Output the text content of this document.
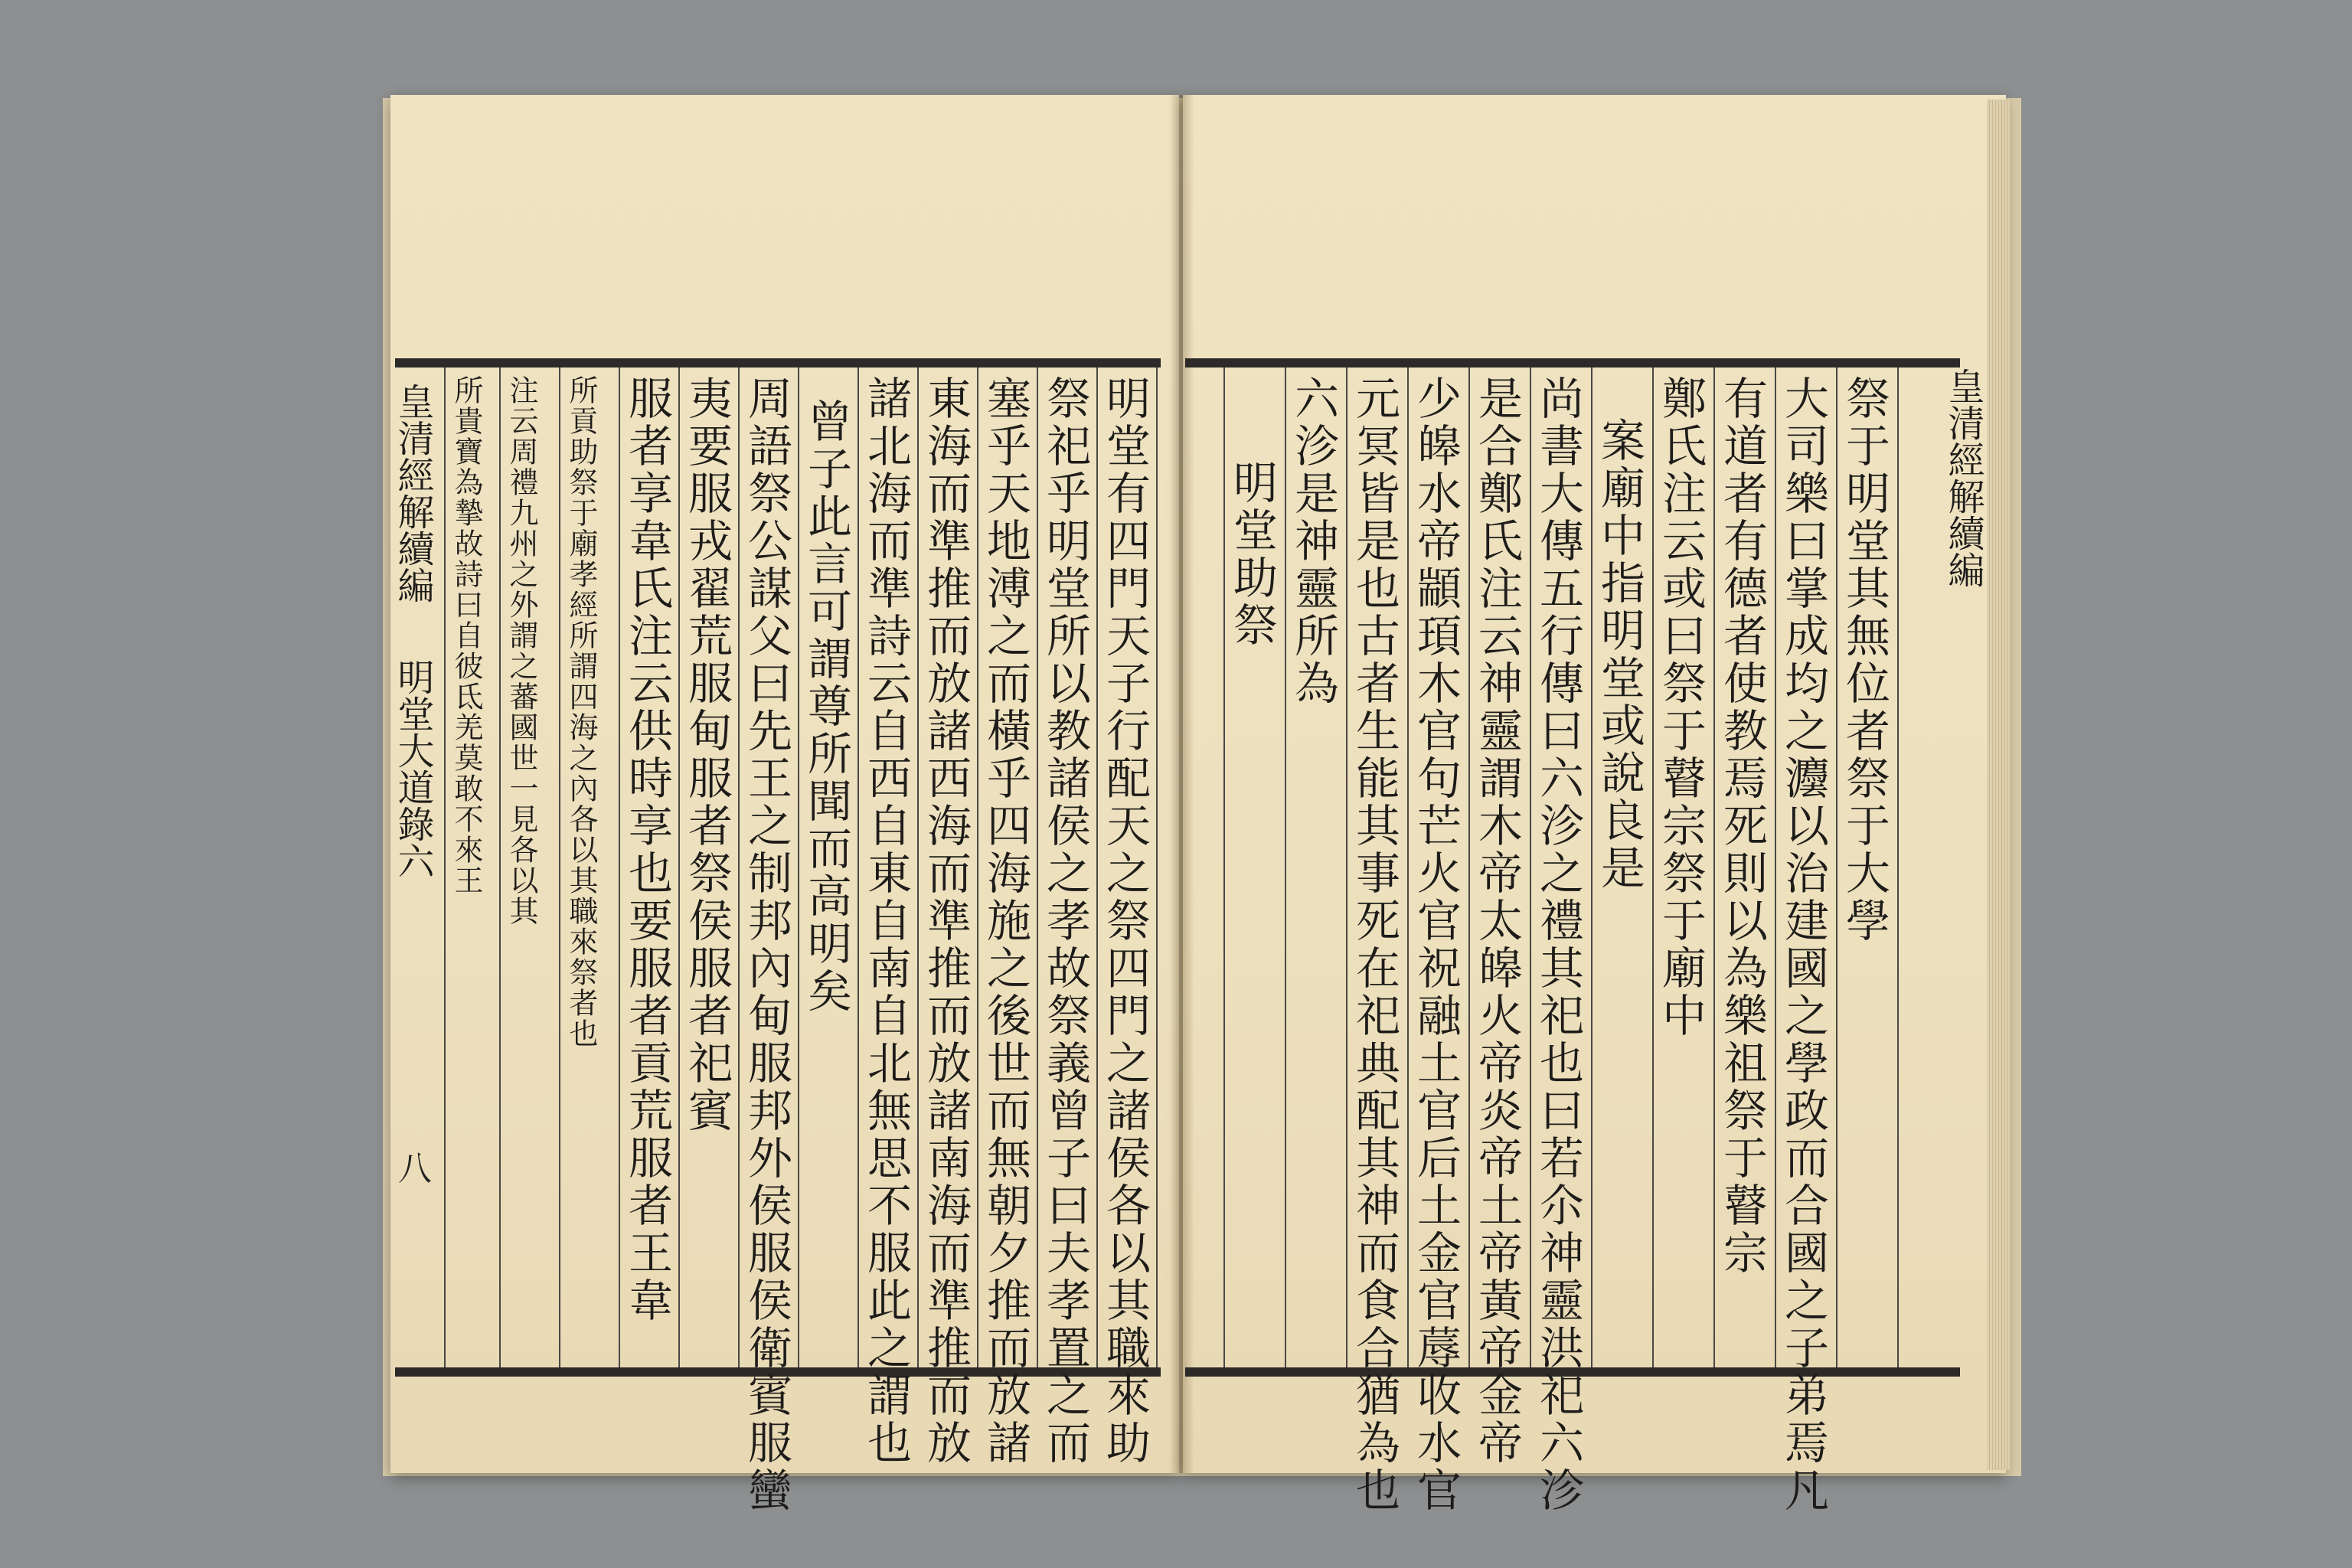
明堂有四門天子行配天之祭四門之諸侯各以其職來助
祭祀乎明堂所以教諸侯之孝故祭義曾子曰夫孝置之而
塞乎天地溥之而橫乎四海施之後世而無朝夕推而放諸
東海而準推而放諸西海而準推而放諸南海而準推而放
諸北海而準詩云自西自東自南自北無思不服此之謂也
曾子此言可謂尊所聞而高明矣
周語祭公謀父曰先王之制邦內甸服邦外侯服侯衛賓服蠻
夷要服戎翟荒服甸服者祭侯服者祀賓
服者享韋氏注云供時享也要服者貢荒服者王韋
所貢助祭于廟孝經所謂四海之內各以其職來祭者也
注云周禮九州之外謂之蕃國世一見各以其
所貴寶為摯故詩曰自彼氐羌莫敢不來王
皇清經解續編
明堂大道錄六
八
祭于明堂其無位者祭于大學
大司樂曰掌成均之灋以治建國之學政而合國之子弟焉凡
有道者有德者使教焉死則以為樂祖祭于瞽宗
鄭氏注云或曰祭于瞽宗祭于廟中
案廟中指明堂或說良是
尚書大傳五行傳曰六沴之禮其祀也曰若尒神靈洪祀六沴
是合鄭氏注云神靈謂木帝太皞火帝炎帝土帝黃帝金帝
少皞水帝顓頊木官句芒火官祝融土官后土金官蓐收水官
元冥皆是也古者生能其事死在祀典配其神而食合猶為也
六沴是神靈所為
明堂助祭	皇清經解續編
